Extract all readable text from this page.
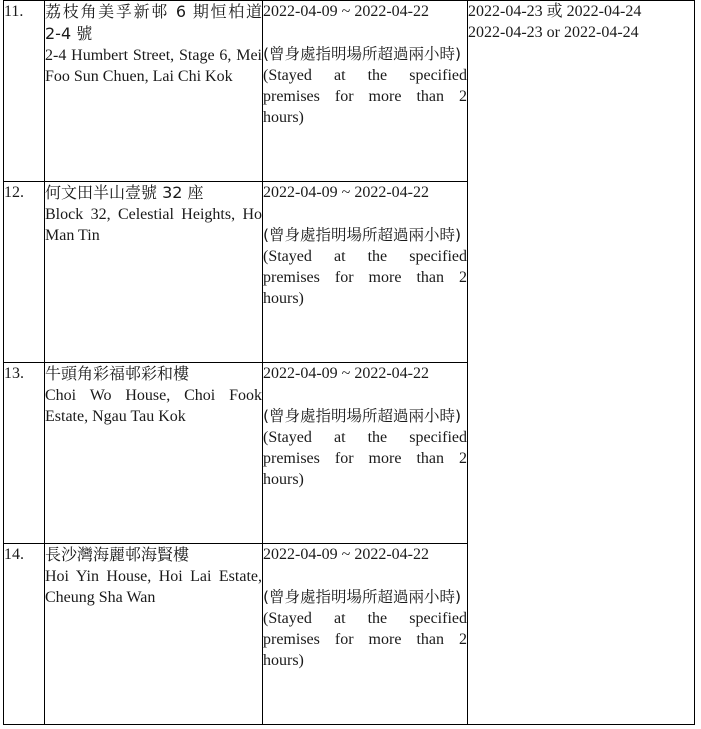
11.	荔枝角美孚新邨 6 期恒柏道 2-4 號
2-4 Humbert Street, Stage 6, Mei Foo Sun Chuen, Lai Chi Kok	2022-04-09 ~ 2022-04-22
(曾身處指明場所超過兩小時)
(Stayed at the specified premises for more than 2 hours)	2022-04-23 或 2022-04-24
2022-04-23 or 2022-04-24

12.	何文田半山壹號 32 座
Block 32, Celestial Heights, Ho Man Tin	2022-04-09 ~ 2022-04-22
(曾身處指明場所超過兩小時)
(Stayed at the specified premises for more than 2 hours)	

13.	牛頭角彩福邨彩和樓
Choi Wo House, Choi Fook Estate, Ngau Tau Kok	2022-04-09 ~ 2022-04-22
(曾身處指明場所超過兩小時)
(Stayed at the specified premises for more than 2 hours)	

14.	長沙灣海麗邨海賢樓
Hoi Yin House, Hoi Lai Estate, Cheung Sha Wan	2022-04-09 ~ 2022-04-22
(曾身處指明場所超過兩小時)
(Stayed at the specified premises for more than 2 hours)	
